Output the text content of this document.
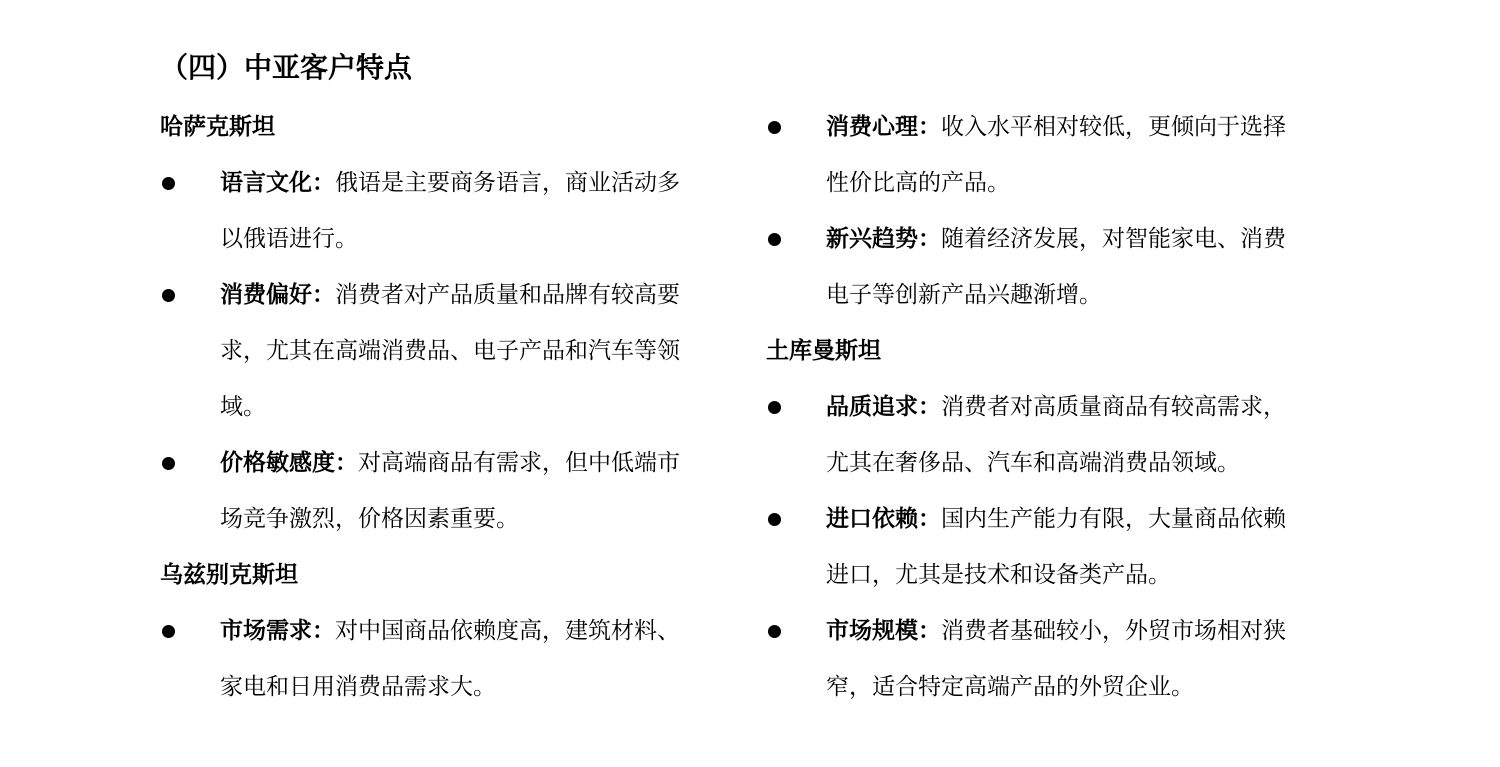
（四）中亚客户特点
哈萨克斯坦
语言文化：俄语是主要商务语言，商业活动多
以俄语进行。
消费偏好：消费者对产品质量和品牌有较高要
求，尤其在高端消费品、电子产品和汽车等领
域。
价格敏感度：对高端商品有需求，但中低端市
场竞争激烈，价格因素重要。
乌兹别克斯坦
市场需求：对中国商品依赖度高，建筑材料、
家电和日用消费品需求大。
消费心理：收入水平相对较低，更倾向于选择
性价比高的产品。
新兴趋势：随着经济发展，对智能家电、消费
电子等创新产品兴趣渐增。
土库曼斯坦
品质追求：消费者对高质量商品有较高需求，
尤其在奢侈品、汽车和高端消费品领域。
进口依赖：国内生产能力有限，大量商品依赖
进口，尤其是技术和设备类产品。
市场规模：消费者基础较小，外贸市场相对狭
窄，适合特定高端产品的外贸企业。
